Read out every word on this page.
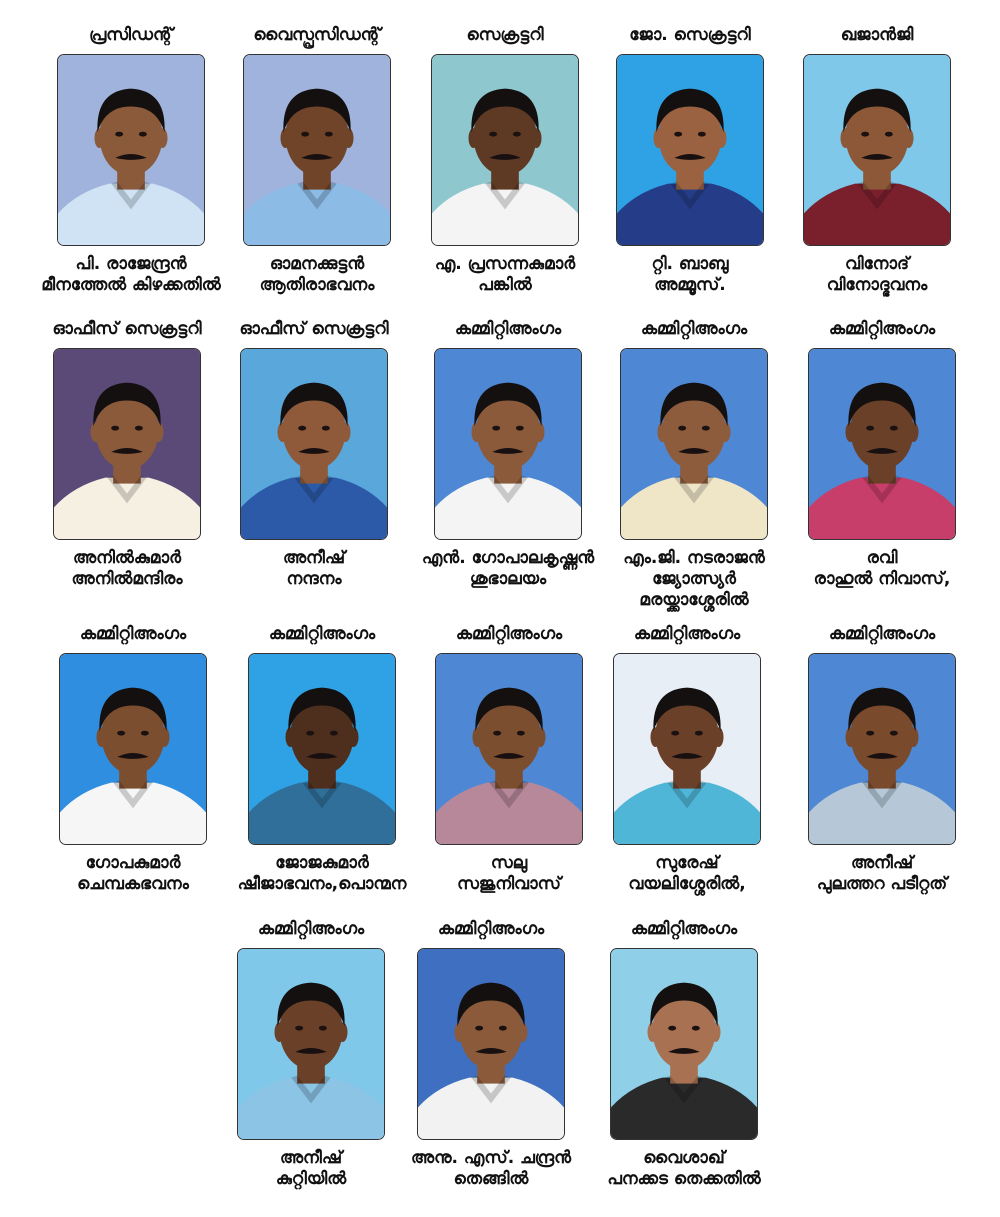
പ്രസിഡന്റ്
പി. രാജേന്ദ്രൻ
മീനത്തേൽ കിഴക്കതിൽ
വൈസ്പ്രസിഡന്റ്
ഓമനക്കുട്ടൻ
ആതിരാഭവനം
സെക്രട്ടറി
എ. പ്രസന്നകുമാർ
പങ്കിൽ
ജോ. സെക്രട്ടറി
റ്റി. ബാബു
അമ്മൂസ്.
ഖജാൻജി
വിനോദ്
വിനോദ്ഭവനം
ഓഫീസ് സെക്രട്ടറി
അനിൽകുമാർ
അനിൽമന്ദിരം
ഓഫീസ് സെക്രട്ടറി
അനീഷ്
നന്ദനം
കമ്മിറ്റിഅംഗം
എൻ. ഗോപാലകൃഷ്ണൻ
ശുഭാലയം
കമ്മിറ്റിഅംഗം
എം.ജി. നടരാജൻ
ജ്യോത്സ്യർ
മരയ്ക്കാശ്ശേരിൽ
കമ്മിറ്റിഅംഗം
രവി
രാഹുൽ നിവാസ്,
കമ്മിറ്റിഅംഗം
ഗോപകുമാർ
ചെമ്പകഭവനം
കമ്മിറ്റിഅംഗം
ജോജകുമാർ
ഷീജാഭവനം,പൊന്മന
കമ്മിറ്റിഅംഗം
സലു
സജുനിവാസ്
കമ്മിറ്റിഅംഗം
സുരേഷ്
വയലിശ്ശേരിൽ,
കമ്മിറ്റിഅംഗം
അനീഷ്
പുലത്തറ പടീറ്റത്
കമ്മിറ്റിഅംഗം
അനീഷ്
കുറ്റിയിൽ
കമ്മിറ്റിഅംഗം
അനു. എസ്. ചന്ദ്രൻ
തെങ്ങിൽ
കമ്മിറ്റിഅംഗം
വൈശാഖ്
പനക്കട തെക്കതിൽ
